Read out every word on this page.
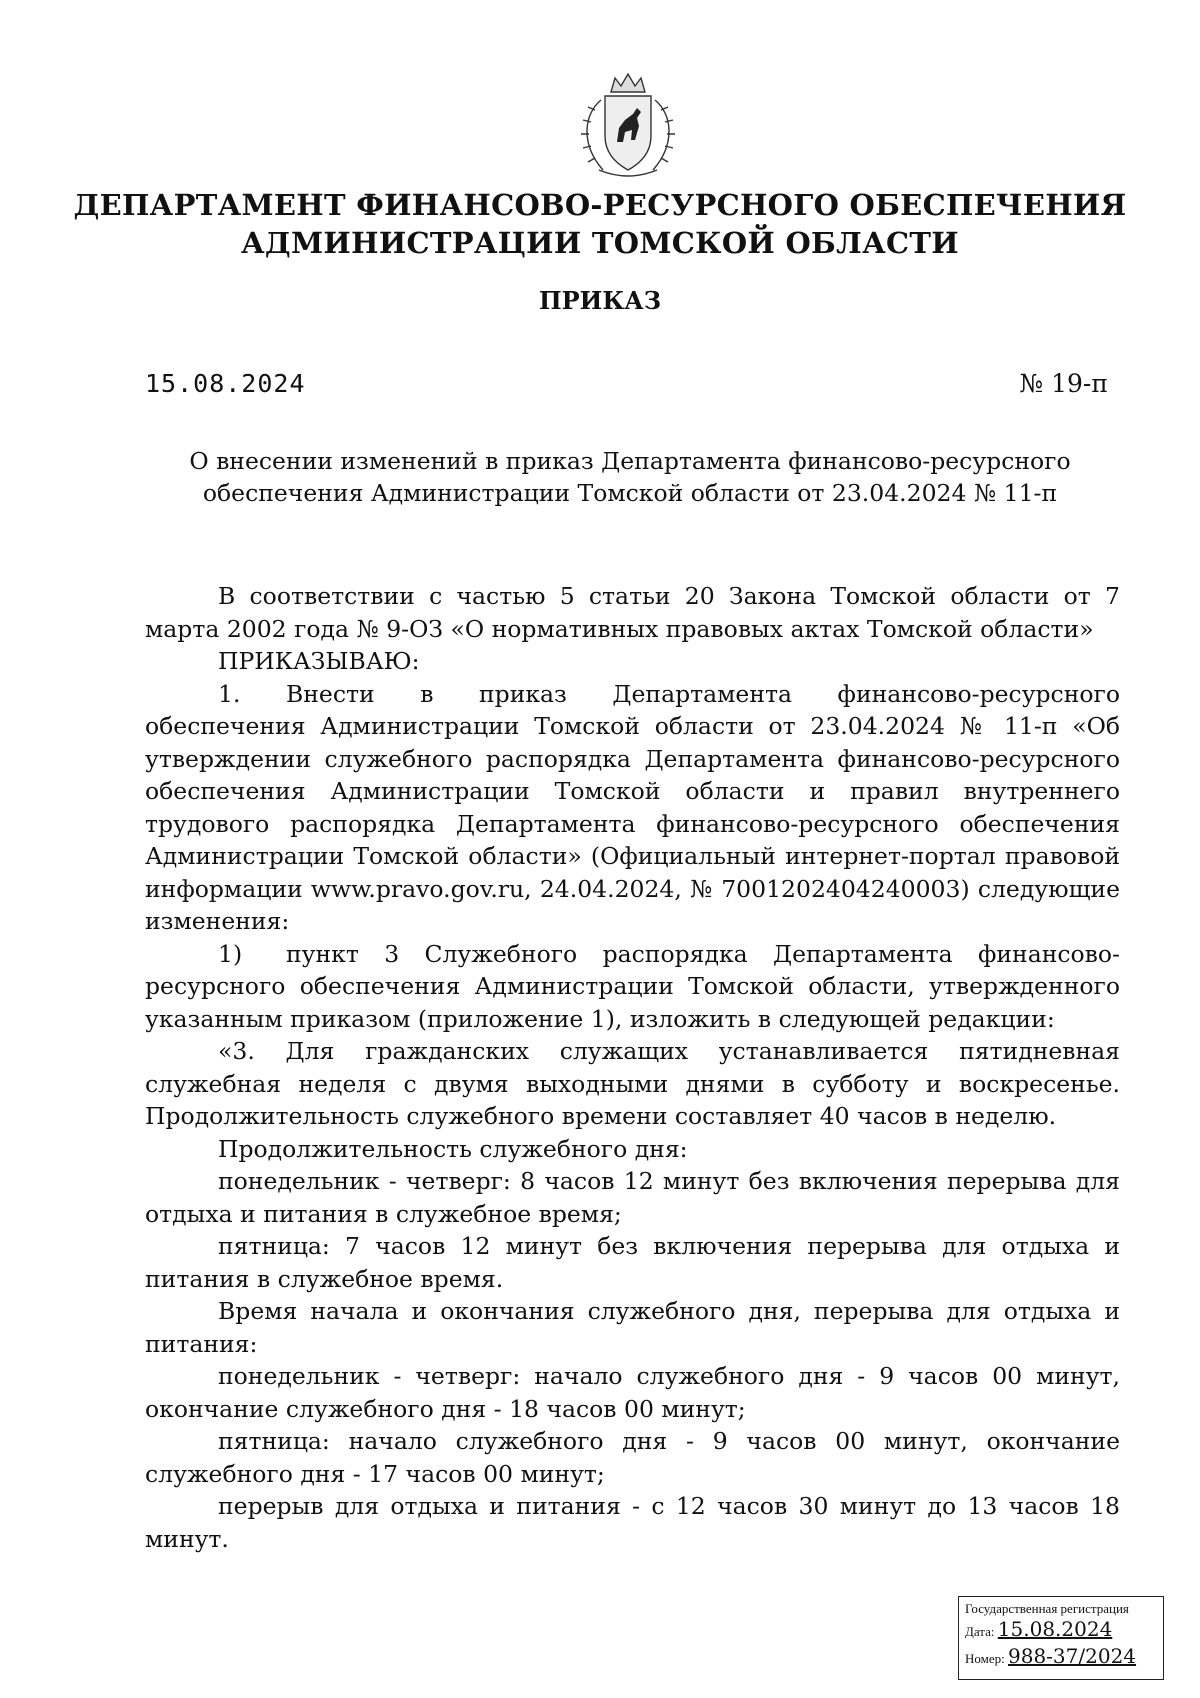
ДЕПАРТАМЕНТ ФИНАНСОВО-РЕСУРСНОГО ОБЕСПЕЧЕНИЯ
АДМИНИСТРАЦИИ ТОМСКОЙ ОБЛАСТИ
ПРИКАЗ
15.08.2024	№ 19-п
О внесении изменений в приказ Департамента финансово-ресурсного
обеспечения Администрации Томской области от 23.04.2024 № 11-п

В соответствии с частью 5 статьи 20 Закона Томской области от 7 марта 2002 года № 9-ОЗ «О нормативных правовых актах Томской области»

ПРИКАЗЫВАЮ:

1. Внести в приказ Департамента финансово-ресурсного обеспечения Администрации Томской области от 23.04.2024 № 11-п «Об утверждении служебного распорядка Департамента финансово-ресурсного обеспечения Администрации Томской области и правил внутреннего трудового распорядка Департамента финансово-ресурсного обеспечения Администрации Томской области» (Официальный интернет-портал правовой информации www.pravo.gov.ru, 24.04.2024, № 7001202404240003) следующие изменения:

1) пункт 3 Служебного распорядка Департамента финансово-ресурсного обеспечения Администрации Томской области, утвержденного указанным приказом (приложение 1), изложить в следующей редакции:

«3. Для гражданских служащих устанавливается пятидневная служебная неделя с двумя выходными днями в субботу и воскресенье. Продолжительность служебного времени составляет 40 часов в неделю.

Продолжительность служебного дня:

понедельник - четверг: 8 часов 12 минут без включения перерыва для отдыха и питания в служебное время;

пятница: 7 часов 12 минут без включения перерыва для отдыха и питания в служебное время.

Время начала и окончания служебного дня, перерыва для отдыха и питания:

понедельник - четверг: начало служебного дня - 9 часов 00 минут, окончание служебного дня - 18 часов 00 минут;

пятница: начало служебного дня - 9 часов 00 минут, окончание служебного дня - 17 часов 00 минут;

перерыв для отдыха и питания - с 12 часов 30 минут до 13 часов 18 минут.

Государственная регистрация
Дата: 15.08.2024
Номер: 988-37/2024
